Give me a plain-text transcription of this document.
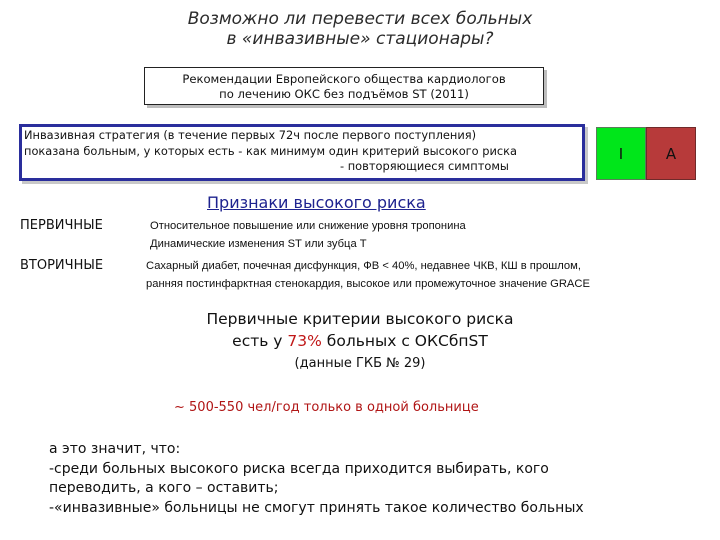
Возможно ли перевести всех больных
в «инвазивные» стационары?
Рекомендации Европейского общества кардиологов
по лечению ОКС без подъёмов ST (2011)
Инвазивная стратегия (в течение первых 72ч после первого поступления)
показана больным, у которых есть - как минимум один критерий высокого риска
- повторяющиеся симптомы
I	A
Признаки высокого риска
ПЕРВИЧНЫЕ	Относительное повышение или снижение уровня тропонина
Динамические изменения ST или зубца T
ВТОРИЧНЫЕ	Сахарный диабет, почечная дисфункция, ФВ < 40%, недавнее ЧКВ, КШ в прошлом,
ранняя постинфарктная стенокардия, высокое или промежуточное значение GRACE
Первичные критерии высокого риска
есть у 73% больных с ОКСбпST
(данные ГКБ № 29)
~ 500-550 чел/год только в одной больнице
а это значит, что:
-среди больных высокого риска всегда приходится выбирать, кого
переводить, а кого – оставить;
-«инвазивные» больницы не смогут принять такое количество больных
